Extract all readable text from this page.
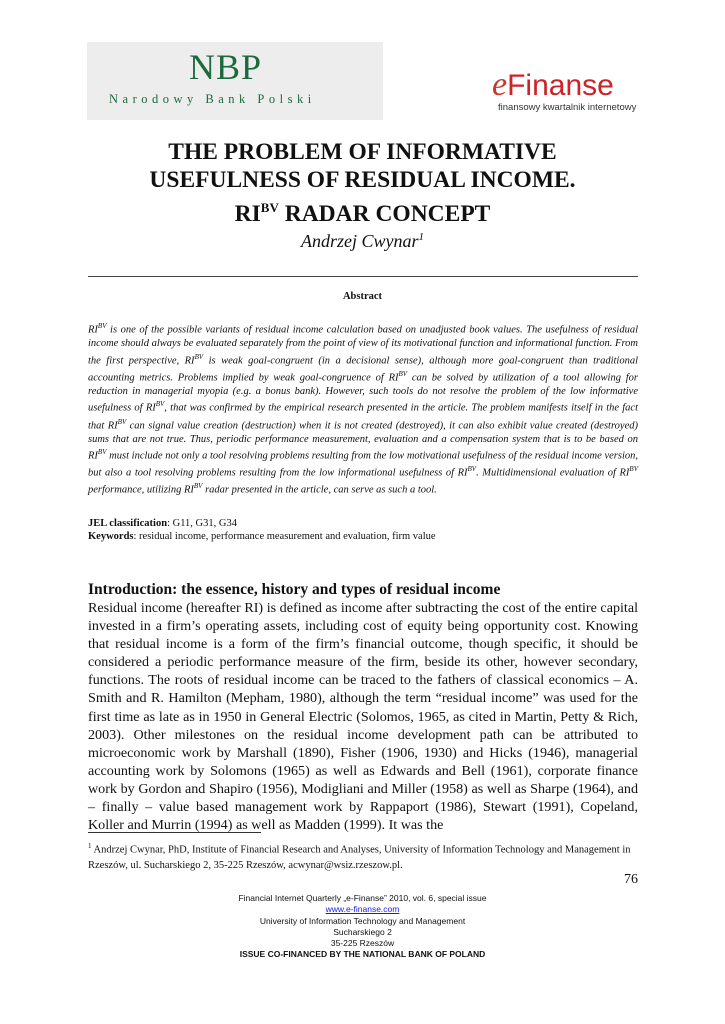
NBP
Narodowy Bank Polski	eFinanse
finansowy kwartalnik internetowy
THE PROBLEM OF INFORMATIVE
USEFULNESS OF RESIDUAL INCOME.
$RI^{BV}$ RADAR CONCEPT
Andrzej Cwynar$^1$
Abstract

$RI^{BV}$ is one of the possible variants of residual income calculation based on unadjusted book values. The usefulness of residual income should always be evaluated separately from the point of view of its motivational function and informational function. From the first perspective, $RI^{BV}$ is weak goal-congruent (in a decisional sense), although more goal-congruent than traditional accounting metrics. Problems implied by weak goal-congruence of $RI^{BV}$ can be solved by utilization of a tool allowing for reduction in managerial myopia (e.g. a bonus bank). However, such tools do not resolve the problem of the low informative usefulness of $RI^{BV}$, that was confirmed by the empirical research presented in the article. The problem manifests itself in the fact that $RI^{BV}$ can signal value creation (destruction) when it is not created (destroyed), it can also exhibit value created (destroyed) sums that are not true. Thus, periodic performance measurement, evaluation and a compensation system that is to be based on $RI^{BV}$ must include not only a tool resolving problems resulting from the low motivational usefulness of the residual income version, but also a tool resolving problems resulting from the low informational usefulness of $RI^{BV}$. Multidimensional evaluation of $RI^{BV}$ performance, utilizing $RI^{BV}$ radar presented in the article, can serve as such a tool.

JEL classification: G11, G31, G34
Keywords: residual income, performance measurement and evaluation, firm value
Introduction: the essence, history and types of residual income

Residual income (hereafter RI) is defined as income after subtracting the cost of the entire capital invested in a firm’s operating assets, including cost of equity being opportunity cost. Knowing that residual income is a form of the firm’s financial outcome, though specific, it should be considered a periodic performance measure of the firm, beside its other, however secondary, functions. The roots of residual income can be traced to the fathers of classical economics – A. Smith and R. Hamilton (Mepham, 1980), although the term “residual income” was used for the first time as late as in 1950 in General Electric (Solomos, 1965, as cited in Martin, Petty & Rich, 2003). Other milestones on the residual income development path can be attributed to microeconomic work by Marshall (1890), Fisher (1906, 1930) and Hicks (1946), managerial accounting work by Solomons (1965) as well as Edwards and Bell (1961), corporate finance work by Gordon and Shapiro (1956), Modigliani and Miller (1958) as well as Sharpe (1964), and – finally – value based management work by Rappaport (1986), Stewart (1991), Copeland, Koller and Murrin (1994) as well as Madden (1999). It was the

$^1$ Andrzej Cwynar, PhD, Institute of Financial Research and Analyses, University of Information Technology and Management in Rzeszów, ul. Sucharskiego 2, 35-225 Rzeszów, acwynar@wsiz.rzeszow.pl.

76
Financial Internet Quarterly „e-Finanse” 2010, vol. 6, special issue
www.e-finanse.com
University of Information Technology and Management
Sucharskiego 2
35-225 Rzeszów
ISSUE CO-FINANCED BY THE NATIONAL BANK OF POLAND
